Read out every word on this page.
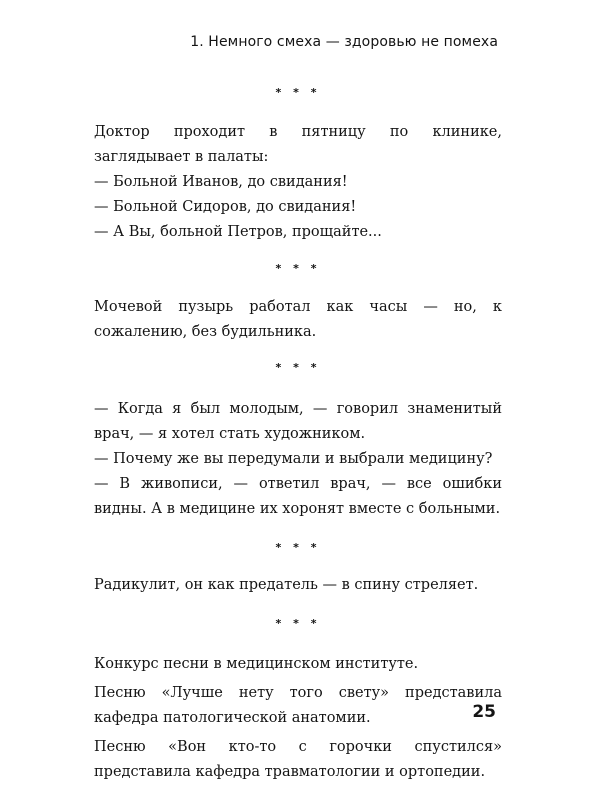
1. Немного смеха — здоровью не помеха
* * *

Доктор проходит в пятницу по клинике, заглядывает в палаты:

— Больной Иванов, до свидания!

— Больной Сидоров, до свидания!

— А Вы, больной Петров, прощайте...

* * *

Мочевой пузырь работал как часы — но, к сожалению, без будильника.

* * *

— Когда я был молодым, — говорил знаменитый врач, — я хотел стать художником.

— Почему же вы передумали и выбрали медицину?

— В живописи, — ответил врач, — все ошибки видны. А в медицине их хоронят вместе с больными.

* * *

Радикулит, он как предатель — в спину стреляет.

* * *

Конкурс песни в медицинском институте.

Песню «Лучше нету того свету» представила кафедра патологической анатомии.

Песню «Вон кто-то с горочки спустился» представила кафедра травматологии и ортопедии.

25
